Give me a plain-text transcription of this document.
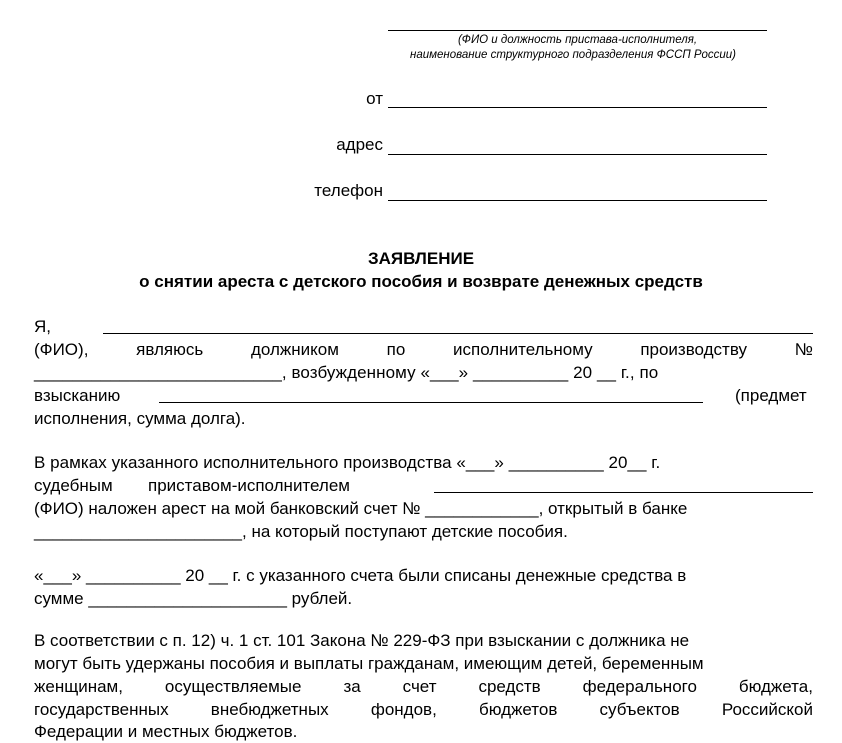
(ФИО и должность пристава-исполнителя,
наименование структурного подразделения ФССП России)
от
адрес
телефон
ЗАЯВЛЕНИЕ
о снятии ареста с детского пособия и возврате денежных средств
Я,
(ФИО),	являюсь	должником	по	исполнительному	производству	№
__________________________, возбужденному «___» __________ 20 __ г., по
взысканию	(предмет
исполнения, сумма долга).
В рамках указанного исполнительного производства «___» __________ 20__ г.
судебным приставом-исполнителем
(ФИО) наложен арест на мой банковский счет № ____________, открытый в банке
______________________, на который поступают детские пособия.
«___» __________ 20 __ г. с указанного счета были списаны денежные средства в
сумме _____________________ рублей.
В соответствии с п. 12) ч. 1 ст. 101 Закона № 229-ФЗ при взыскании с должника не
могут быть удержаны пособия и выплаты гражданам, имеющим детей, беременным
женщинам, осуществляемые за счет средств федерального бюджета,
государственных внебюджетных фондов, бюджетов субъектов Российской
Федерации и местных бюджетов.
